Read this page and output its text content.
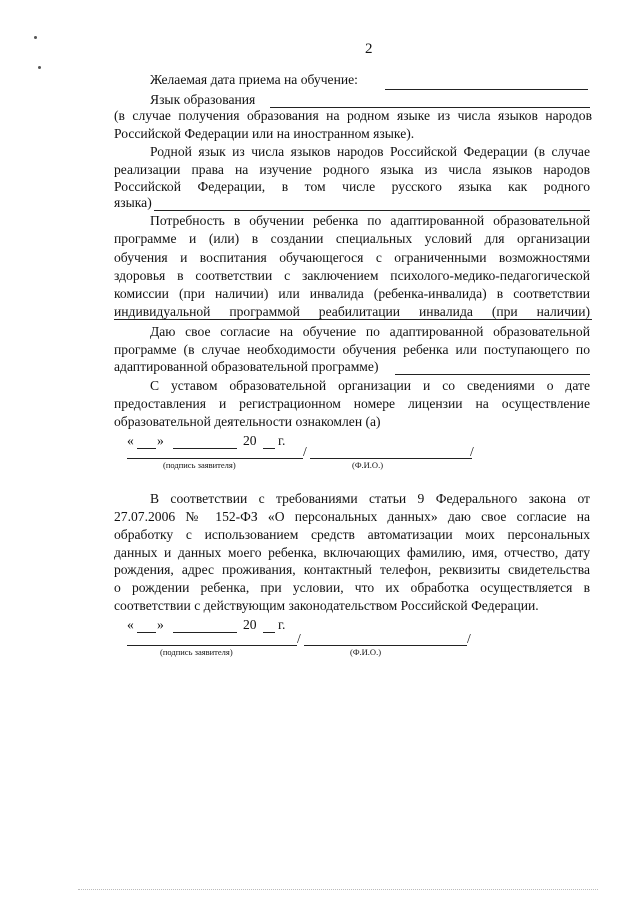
2
Желаемая дата приема на обучение:
Язык образования
(в случае получения образования на родном языке из числа языков народов Российской Федерации или на иностранном языке).
Родной язык из числа языков народов Российской Федерации (в случае
реализации права на изучение родного языка из числа языков народов
Российской Федерации, в том числе русского языка как родного
языка)
Потребность в обучении ребенка по адаптированной образовательной
программе и (или) в создании специальных условий для организации
обучения и воспитания обучающегося с ограниченными возможностями
здоровья в соответствии с заключением психолого-медико-педагогической
комиссии (при наличии) или инвалида (ребенка-инвалида) в соответствии
индивидуальной программой реабилитации инвалида (при наличии)
Даю свое согласие на обучение по адаптированной образовательной
программе (в случае необходимости обучения ребенка или поступающего по
адаптированной образовательной программе)
С уставом образовательной организации и со сведениями о дате
предоставления и регистрационном номере лицензии на осуществление
образовательной деятельности ознакомлен (а)
« »	20 г.
/	/
(подпись заявителя)	(Ф.И.О.)
В соответствии с требованиями статьи 9 Федерального закона от
27.07.2006 № 152-ФЗ «О персональных данных» даю свое согласие на
обработку с использованием средств автоматизации моих персональных
данных и данных моего ребенка, включающих фамилию, имя, отчество, дату
рождения, адрес проживания, контактный телефон, реквизиты свидетельства
о рождении ребенка, при условии, что их обработка осуществляется в
соответствии с действующим законодательством Российской Федерации.
« »	20 г.
/	/
(подпись заявителя)	(Ф.И.О.)
